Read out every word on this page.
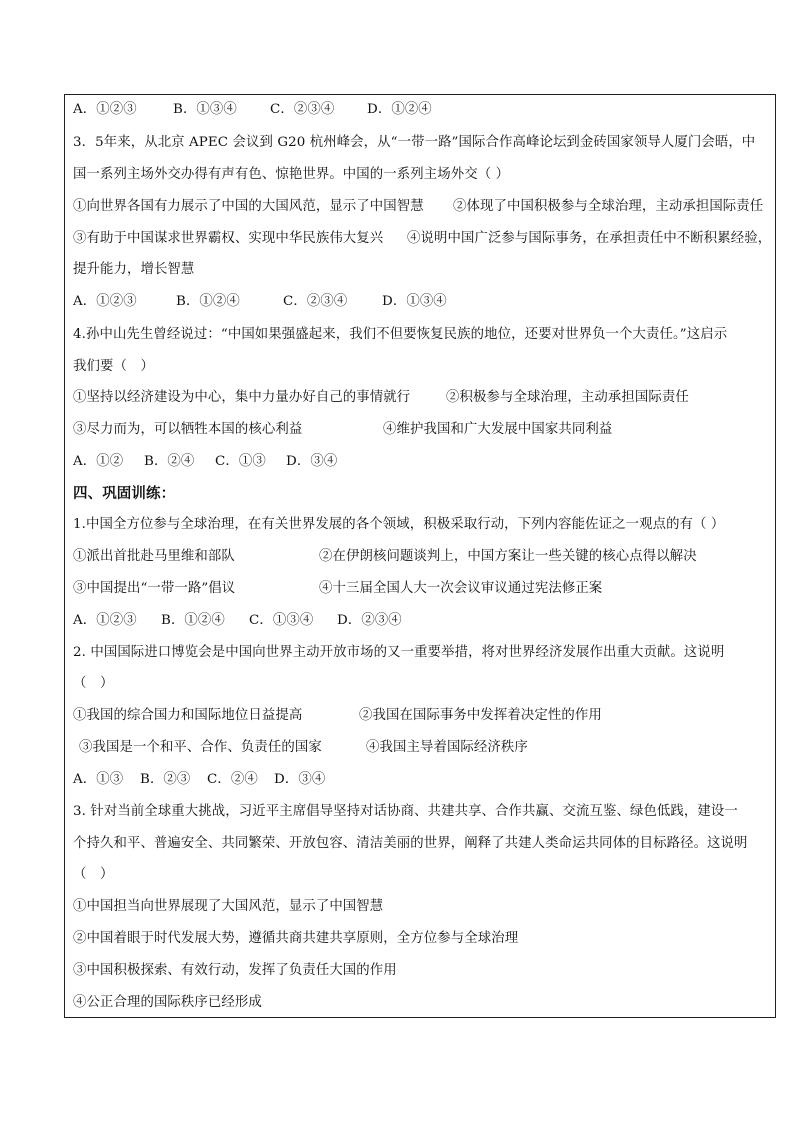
A．①②③	B．①③④ C．②③④ D．①②④
3．5年来，从北京 APEC 会议到 G20 杭州峰会，从“一带一路”国际合作高峰论坛到金砖国家领导人厦门会晤，中
国一系列主场外交办得有声有色、惊艳世界。中国的一系列主场外交（ ）
①向世界各国有力展示了中国的大国风范，显示了中国智慧 ②体现了中国积极参与全球治理，主动承担国际责任
③有助于中国谋求世界霸权、实现中华民族伟大复兴 ④说明中国广泛参与国际事务，在承担责任中不断积累经验，
提升能力，增长智慧
A．①②③	B．①②④	C．②③④	D．①③④
4.孙中山先生曾经说过：“中国如果强盛起来，我们不但要恢复民族的地位，还要对世界负一个大责任。”这启示
我们要（　）
①坚持以经济建设为中心，集中力量办好自己的事情就行	②积极参与全球治理，主动承担国际责任
③尽力而为，可以牺牲本国的核心利益	④维护我国和广大发展中国家共同利益
A．①② B．②④ C．①③ D．③④
四、巩固训练：
1.中国全方位参与全球治理，在有关世界发展的各个领域，积极采取行动，下列内容能佐证之一观点的有（ ）
①派出首批赴马里维和部队	②在伊朗核问题谈判上，中国方案让一些关键的核心点得以解决
③中国提出“一带一路”倡议	④十三届全国人大一次会议审议通过宪法修正案
A．①②③ B．①②④ C．①③④ D．②③④
2. 中国国际进口博览会是中国向世界主动开放市场的又一重要举措，将对世界经济发展作出重大贡献。这说明
（　）
①我国的综合国力和国际地位日益提高	②我国在国际事务中发挥着决定性的作用
③我国是一个和平、合作、负责任的国家	④我国主导着国际经济秩序
A．①③ B．②③ C．②④ D．③④
3. 针对当前全球重大挑战，习近平主席倡导坚持对话协商、共建共享、合作共赢、交流互鉴、绿色低践，建设一
个持久和平、普遍安全、共同繁荣、开放包容、清洁美丽的世界，阐释了共建人类命运共同体的目标路径。这说明
（　）
①中国担当向世界展现了大国风范，显示了中国智慧
②中国着眼于时代发展大势，遵循共商共建共享原则，全方位参与全球治理
③中国积极探索、有效行动，发挥了负责任大国的作用
④公正合理的国际秩序已经形成
